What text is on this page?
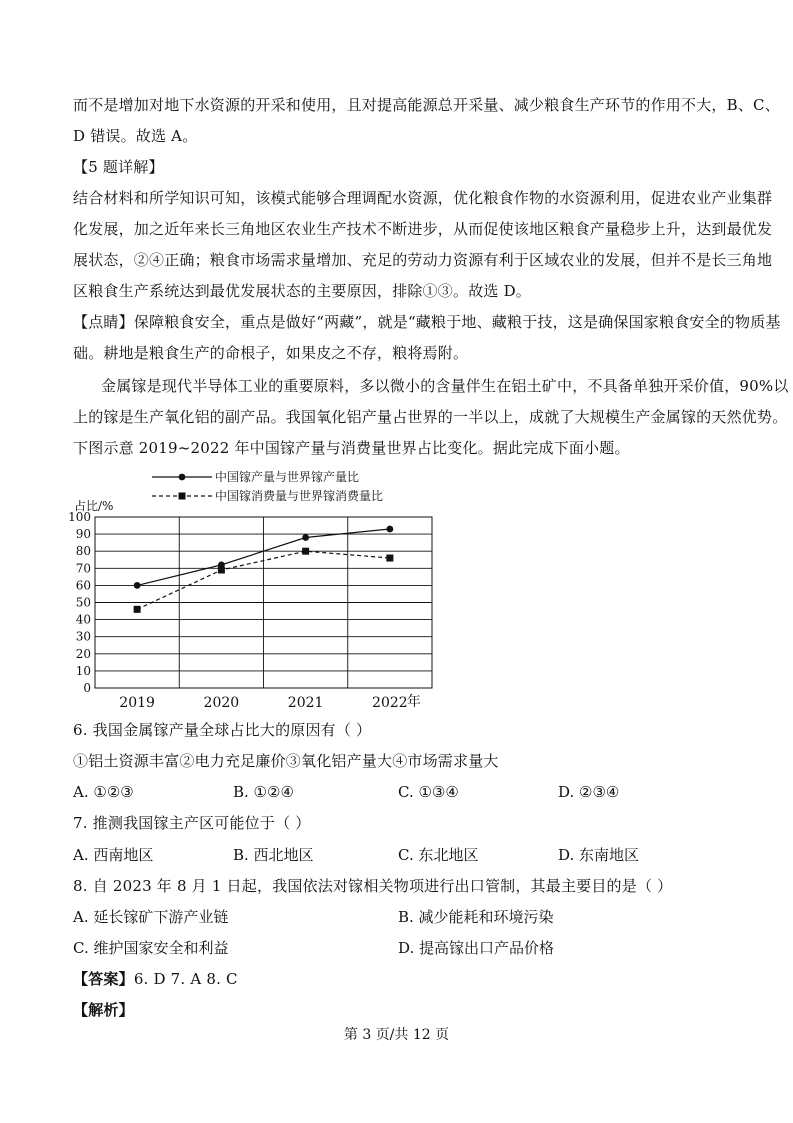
而不是增加对地下水资源的开采和使用，且对提高能源总开采量、减少粮食生产环节的作用不大，B、C、
D 错误。故选 A。
【5 题详解】
结合材料和所学知识可知，该模式能够合理调配水资源，优化粮食作物的水资源利用，促进农业产业集群
化发展，加之近年来长三角地区农业生产技术不断进步，从而促使该地区粮食产量稳步上升，达到最优发
展状态，②④正确；粮食市场需求量增加、充足的劳动力资源有利于区域农业的发展，但并不是长三角地
区粮食生产系统达到最优发展状态的主要原因，排除①③。故选 D。
【点睛】保障粮食安全，重点是做好“两藏”，就是“藏粮于地、藏粮于技，这是确保国家粮食安全的物质基
础。耕地是粮食生产的命根子，如果皮之不存，粮将焉附。
金属镓是现代半导体工业的重要原料，多以微小的含量伴生在铝土矿中，不具备单独开采价值，90%以
上的镓是生产氧化铝的副产品。我国氧化铝产量占世界的一半以上，成就了大规模生产金属镓的天然优势。
下图示意 2019~2022 年中国镓产量与消费量世界占比变化。据此完成下面小题。
中国镓产量与世界镓产量比
中国镓消费量与世界镓消费量比
占比/%
0
10
20
30
40
50
60
70
80
90
100
2019	2020	2021	2022 年
6. 我国金属镓产量全球占比大的原因有（ ）
①铝土资源丰富②电力充足廉价③氧化铝产量大④市场需求量大
A. ①②③	B. ①②④	C. ①③④	D. ②③④
7. 推测我国镓主产区可能位于（ ）
A. 西南地区	B. 西北地区	C. 东北地区	D. 东南地区
8. 自 2023 年 8 月 1 日起，我国依法对镓相关物项进行出口管制，其最主要目的是（ ）
A. 延长镓矿下游产业链	B. 减少能耗和环境污染
C. 维护国家安全和利益	D. 提高镓出口产品价格
【答案】6. D 7. A 8. C
【解析】
第 3 页/共 12 页
